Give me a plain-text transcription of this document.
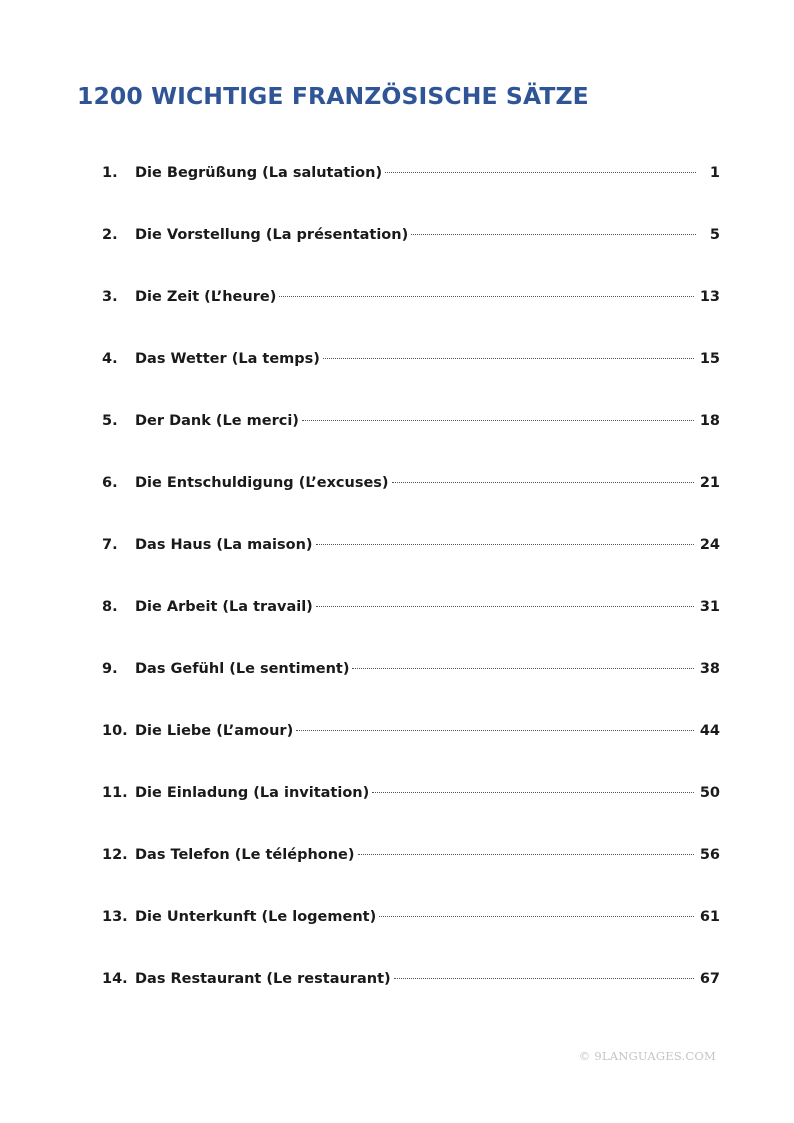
1200 WICHTIGE FRANZÖSISCHE SÄTZE
1.	Die Begrüßung (La salutation)	1
2.	Die Vorstellung (La présentation)	5
3.	Die Zeit (L’heure)	13
4.	Das Wetter (La temps)	15
5.	Der Dank (Le merci)	18
6.	Die Entschuldigung (L’excuses)	21
7.	Das Haus (La maison)	24
8.	Die Arbeit (La travail)	31
9.	Das Gefühl (Le sentiment)	38
10. Die Liebe (L’amour)	44
11. Die Einladung (La invitation)	50
12. Das Telefon (Le téléphone)	56
13. Die Unterkunft (Le logement)	61
14. Das Restaurant (Le restaurant)	67
© 9LANGUAGES.COM
